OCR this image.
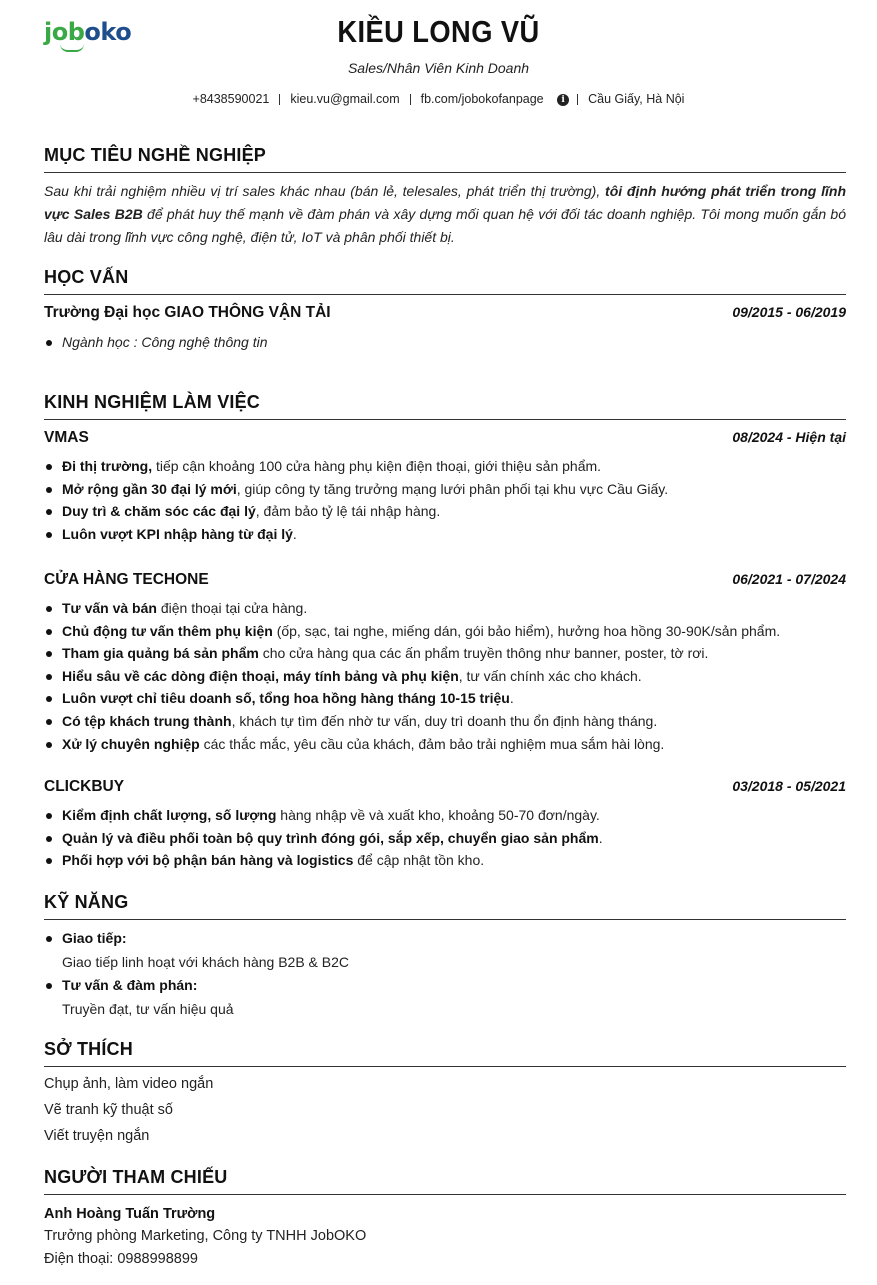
joboko	KIỀU LONG VŨ
Sales/Nhân Viên Kinh Doanh
+8438590021 kieu.vu@gmail.com fb.com/jobokofanpage i Cầu Giấy, Hà Nội
MỤC TIÊU NGHỀ NGHIỆP
Sau khi trải nghiệm nhiều vị trí sales khác nhau (bán lẻ, telesales, phát triển thị trường), tôi định hướng phát triển trong lĩnh vực Sales B2B để phát huy thế mạnh về đàm phán và xây dựng mối quan hệ với đối tác doanh nghiệp. Tôi mong muốn gắn bó lâu dài trong lĩnh vực công nghệ, điện tử, IoT và phân phối thiết bị.
HỌC VẤN
Trường Đại học GIAO THÔNG VẬN TẢI	09/2015 - 06/2019
Ngành học : Công nghệ thông tin
KINH NGHIỆM LÀM VIỆC
VMAS	08/2024 - Hiện tại
Đi thị trường, tiếp cận khoảng 100 cửa hàng phụ kiện điện thoại, giới thiệu sản phẩm.
Mở rộng gần 30 đại lý mới, giúp công ty tăng trưởng mạng lưới phân phối tại khu vực Cầu Giấy.
Duy trì & chăm sóc các đại lý, đảm bảo tỷ lệ tái nhập hàng.
Luôn vượt KPI nhập hàng từ đại lý.
CỬA HÀNG TECHONE	06/2021 - 07/2024
Tư vấn và bán điện thoại tại cửa hàng.
Chủ động tư vấn thêm phụ kiện (ốp, sạc, tai nghe, miếng dán, gói bảo hiểm), hưởng hoa hồng 30-90K/sản phẩm.
Tham gia quảng bá sản phẩm cho cửa hàng qua các ấn phẩm truyền thông như banner, poster, tờ rơi.
Hiểu sâu về các dòng điện thoại, máy tính bảng và phụ kiện, tư vấn chính xác cho khách.
Luôn vượt chỉ tiêu doanh số, tổng hoa hồng hàng tháng 10-15 triệu.
Có tệp khách trung thành, khách tự tìm đến nhờ tư vấn, duy trì doanh thu ổn định hàng tháng.
Xử lý chuyên nghiệp các thắc mắc, yêu cầu của khách, đảm bảo trải nghiệm mua sắm hài lòng.
CLICKBUY	03/2018 - 05/2021
Kiểm định chất lượng, số lượng hàng nhập về và xuất kho, khoảng 50-70 đơn/ngày.
Quản lý và điều phối toàn bộ quy trình đóng gói, sắp xếp, chuyển giao sản phẩm.
Phối hợp với bộ phận bán hàng và logistics để cập nhật tồn kho.
KỸ NĂNG
Giao tiếp:
Giao tiếp linh hoạt với khách hàng B2B & B2C
Tư vấn & đàm phán:
Truyền đạt, tư vấn hiệu quả
SỞ THÍCH
Chụp ảnh, làm video ngắn
Vẽ tranh kỹ thuật số
Viết truyện ngắn
NGƯỜI THAM CHIẾU
Anh Hoàng Tuấn Trường
Trưởng phòng Marketing, Công ty TNHH JobOKO
Điện thoại: 0988998899
